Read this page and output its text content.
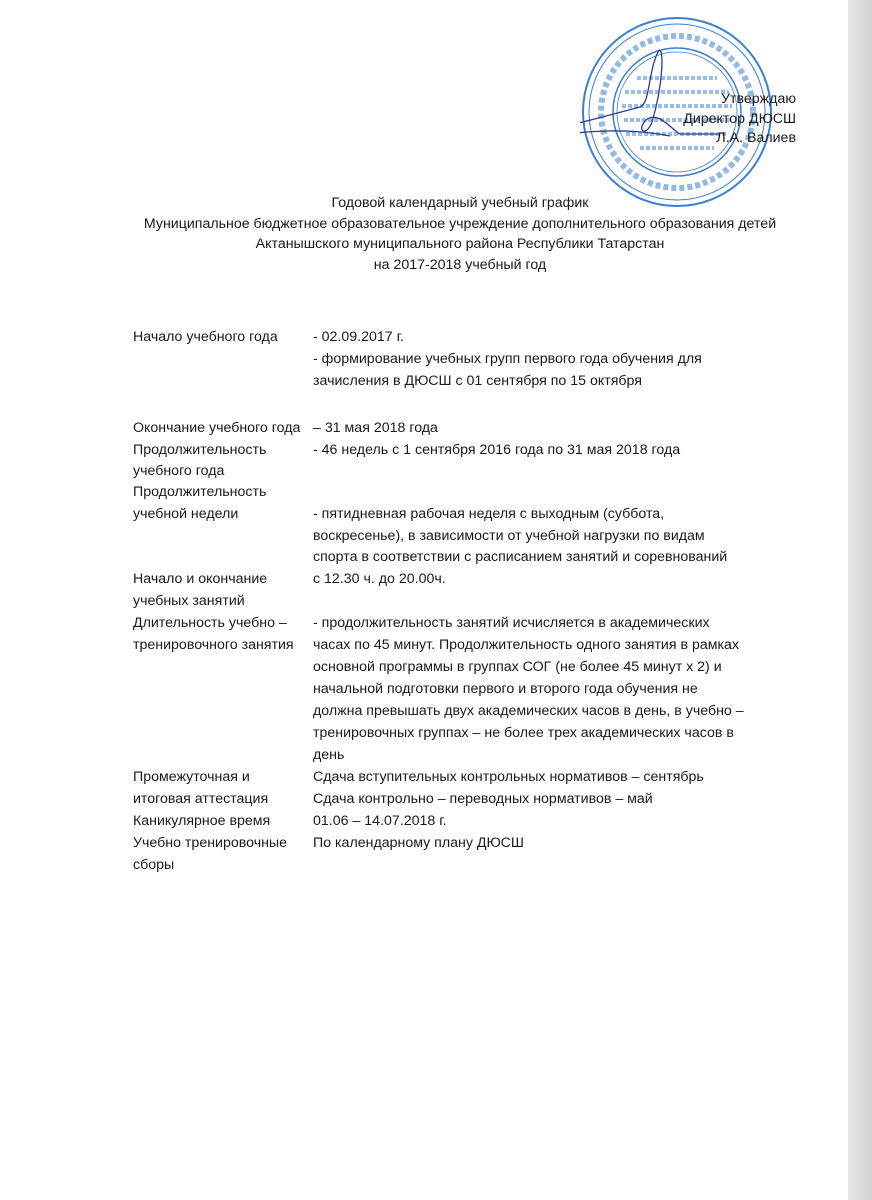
Утверждаю
Директор ДЮСШ
Л.А. Валиев
Годовой календарный учебный график
Муниципальное бюджетное образовательное учреждение дополнительного образования детей
Актанышского муниципального района Республики Татарстан
на 2017-2018 учебный год
Начало учебного года - 02.09.2017 г.
- формирование учебных групп первого года обучения для
зачисления в ДЮСШ с 01 сентября по 15 октября
Окончание учебного года – 31 мая 2018 года
Продолжительность
учебного года
- 46 недель с 1 сентября 2016 года по 31 мая 2018 года
Продолжительность
учебной недели	- пятидневная рабочая неделя с выходным (суббота,
воскресенье), в зависимости от учебной нагрузки по видам
спорта в соответствии с расписанием занятий и соревнований
Начало и окончание
учебных занятий
с 12.30 ч. до 20.00ч.
Длительность учебно –
тренировочного занятия
- продолжительность занятий исчисляется в академических
часах по 45 минут. Продолжительность одного занятия в рамках
основной программы в группах СОГ (не более 45 минут х 2) и
начальной подготовки первого и второго года обучения не
должна превышать двух академических часов в день, в учебно –
тренировочных группах – не более трех академических часов в
день
Промежуточная и
итоговая аттестация
Сдача вступительных контрольных нормативов – сентябрь
Сдача контрольно – переводных нормативов – май
Каникулярное время	01.06 – 14.07.2018 г.
Учебно тренировочные
сборы
По календарному плану ДЮСШ
